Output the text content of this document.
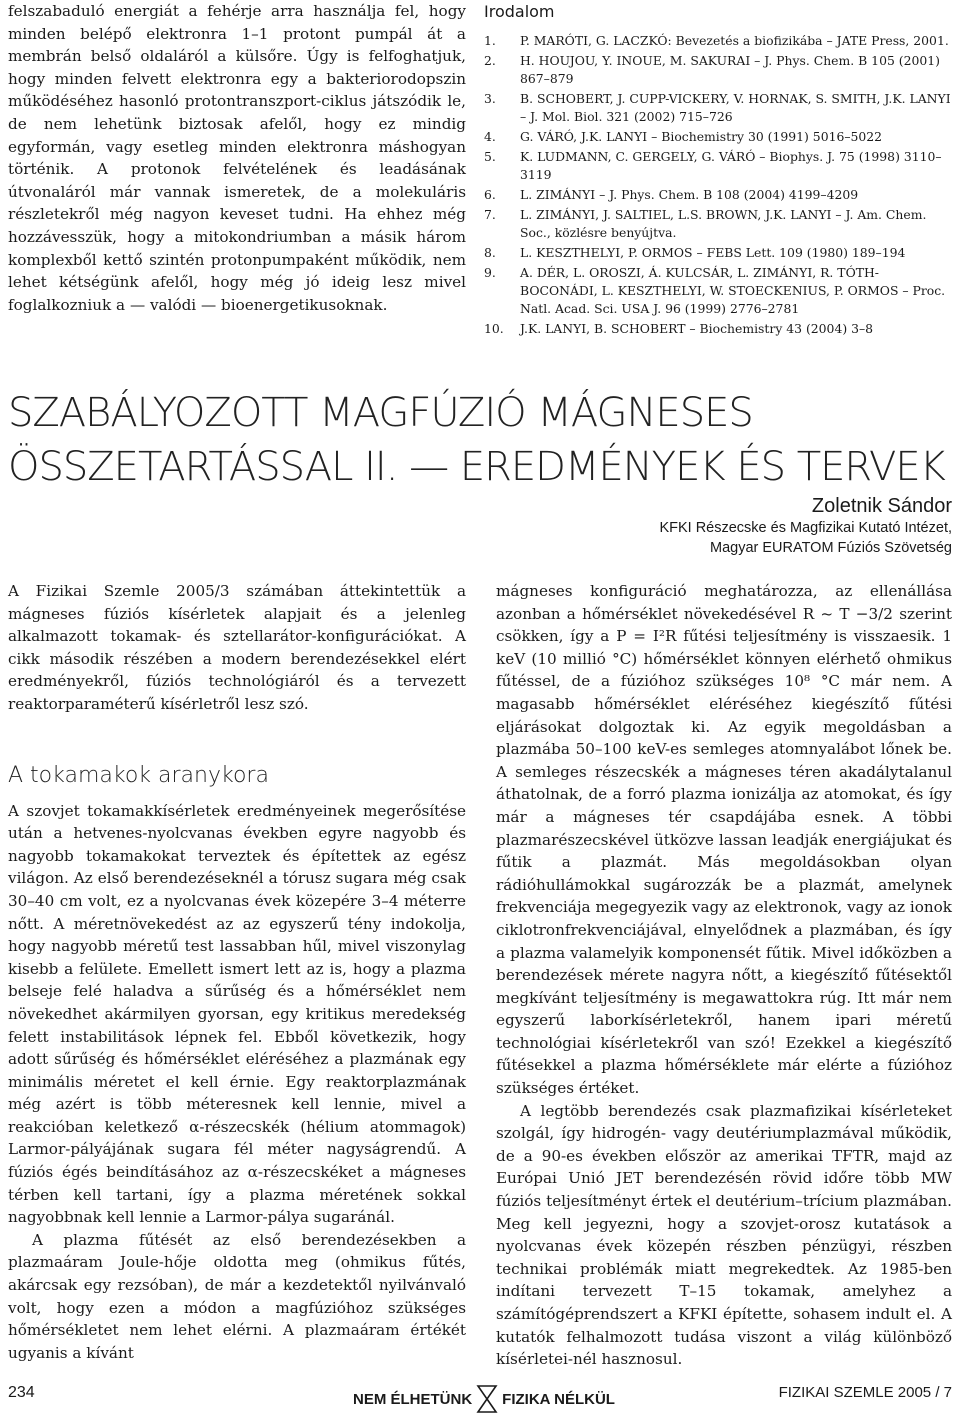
felszabaduló energiát a fehérje arra használja fel, hogy minden belépő elektronra 1–1 protont pumpál át a membrán belső oldaláról a külsőre. Úgy is felfoghatjuk, hogy minden felvett elektronra egy a bakteriorodopszin működéséhez hasonló protontranszport-ciklus játszódik le, de nem lehetünk biztosak afelől, hogy ez mindig egyformán, vagy esetleg minden elektronra máshogyan történik. A protonok felvételének és leadásának útvonaláról már vannak ismeretek, de a molekuláris részletekről még nagyon keveset tudni. Ha ehhez még hozzávesszük, hogy a mitokondriumban a másik három komplexből kettő szintén protonpumpaként működik, nem lehet kétségünk afelől, hogy még jó ideig lesz mivel foglalkozniuk a — valódi — bioenergetikusoknak.

Irodalom
1. P. MARÓTI, G. LACZKÓ: Bevezetés a biofizikába – JATE Press, 2001.
2. H. HOUJOU, Y. INOUE, M. SAKURAI – J. Phys. Chem. B 105 (2001) 867–879
3. B. SCHOBERT, J. CUPP-VICKERY, V. HORNAK, S. SMITH, J.K. LANYI – J. Mol. Biol. 321 (2002) 715–726
4. G. VÁRÓ, J.K. LANYI – Biochemistry 30 (1991) 5016–5022
5. K. LUDMANN, C. GERGELY, G. VÁRÓ – Biophys. J. 75 (1998) 3110–3119
6. L. ZIMÁNYI – J. Phys. Chem. B 108 (2004) 4199–4209
7. L. ZIMÁNYI, J. SALTIEL, L.S. BROWN, J.K. LANYI – J. Am. Chem. Soc., közlésre benyújtva.
8. L. KESZTHELYI, P. ORMOS – FEBS Lett. 109 (1980) 189–194
9. A. DÉR, L. OROSZI, Á. KULCSÁR, L. ZIMÁNYI, R. TÓTH-BOCONÁDI, L. KESZTHELYI, W. STOECKENIUS, P. ORMOS – Proc. Natl. Acad. Sci. USA J. 96 (1999) 2776–2781
10. J.K. LANYI, B. SCHOBERT – Biochemistry 43 (2004) 3–8
SZABÁLYOZOTT MAGFÚZIÓ MÁGNESES
ÖSSZETARTÁSSAL II. — EREDMÉNYEK ÉS TERVEK
Zoletnik Sándor
KFKI Részecske és Magfizikai Kutató Intézet,
Magyar EURATOM Fúziós Szövetség

A Fizikai Szemle 2005/3 számában áttekintettük a mágneses fúziós kísérletek alapjait és a jelenleg alkalmazott tokamak- és sztellarátor-konfigurációkat. A cikk második részében a modern berendezésekkel elért eredményekről, fúziós technológiáról és a tervezett reaktorparaméterű kísérletről lesz szó.

A tokamakok aranykora

A szovjet tokamakkísérletek eredményeinek megerősítése után a hetvenes-nyolcvanas években egyre nagyobb és nagyobb tokamakokat terveztek és építettek az egész világon. Az első berendezéseknél a tórusz sugara még csak 30–40 cm volt, ez a nyolcvanas évek közepére 3–4 méterre nőtt. A méretnövekedést az az egyszerű tény indokolja, hogy nagyobb méretű test lassabban hűl, mivel viszonylag kisebb a felülete. Emellett ismert lett az is, hogy a plazma belseje felé haladva a sűrűség és a hőmérséklet nem növekedhet akármilyen gyorsan, egy kritikus meredekség felett instabilitások lépnek fel. Ebből következik, hogy adott sűrűség és hőmérséklet eléréséhez a plazmának egy minimális méretet el kell érnie. Egy reaktorplazmának még azért is több méteresnek kell lennie, mivel a reakcióban keletkező α-részecskék (hélium atommagok) Larmor-pályájának sugara fél méter nagyságrendű. A fúziós égés beindításához az α-részecskéket a mágneses térben kell tartani, így a plazma méretének sokkal nagyobbnak kell lennie a Larmor-pálya sugaránál.

A plazma fűtését az első berendezésekben a plazmaáram Joule-hője oldotta meg (ohmikus fűtés, akárcsak egy rezsóban), de már a kezdetektől nyilvánvaló volt, hogy ezen a módon a magfúzióhoz szükséges hőmérsékletet nem lehet elérni. A plazmaáram értékét ugyanis a kívánt

mágneses konfiguráció meghatározza, az ellenállása azonban a hőmérséklet növekedésével R ~ T −3/2 szerint csökken, így a P = I²R fűtési teljesítmény is visszaesik. 1 keV (10 millió °C) hőmérséklet könnyen elérhető ohmikus fűtéssel, de a fúzióhoz szükséges 10⁸ °C már nem. A magasabb hőmérséklet eléréséhez kiegészítő fűtési eljárásokat dolgoztak ki. Az egyik megoldásban a plazmába 50–100 keV-es semleges atomnyalábot lőnek be. A semleges részecskék a mágneses téren akadálytalanul áthatolnak, de a forró plazma ionizálja az atomokat, és így már a mágneses tér csapdájába esnek. A többi plazmarészecskével ütközve lassan leadják energiájukat és fűtik a plazmát. Más megoldásokban olyan rádióhullámokkal sugározzák be a plazmát, amelynek frekvenciája megegyezik vagy az elektronok, vagy az ionok ciklotronfrekvenciájával, elnyelődnek a plazmában, és így a plazma valamelyik komponensét fűtik. Mivel időközben a berendezések mérete nagyra nőtt, a kiegészítő fűtésektől megkívánt teljesítmény is megawattokra rúg. Itt már nem egyszerű laborkísérletekről, hanem ipari méretű technológiai kísérletekről van szó! Ezekkel a kiegészítő fűtésekkel a plazma hőmérséklete már elérte a fúzióhoz szükséges értéket.

A legtöbb berendezés csak plazmafizikai kísérleteket szolgál, így hidrogén- vagy deutériumplazmával működik, de a 90-es években először az amerikai TFTR, majd az Európai Unió JET berendezésén rövid időre több MW fúziós teljesítményt értek el deutérium–trícium plazmában. Meg kell jegyezni, hogy a szovjet-orosz kutatások a nyolcvanas évek közepén részben pénzügyi, részben technikai problémák miatt megrekedtek. Az 1985-ben indítani tervezett T–15 tokamak, amelyhez a számítógéprendszert a KFKI építette, sohasem indult el. A kutatók felhalmozott tudása viszont a világ különböző kísérletei-nél hasznosul.

234	NEM ÉLHETÜNK FIZIKA NÉLKÜL	FIZIKAI SZEMLE 2005 / 7
